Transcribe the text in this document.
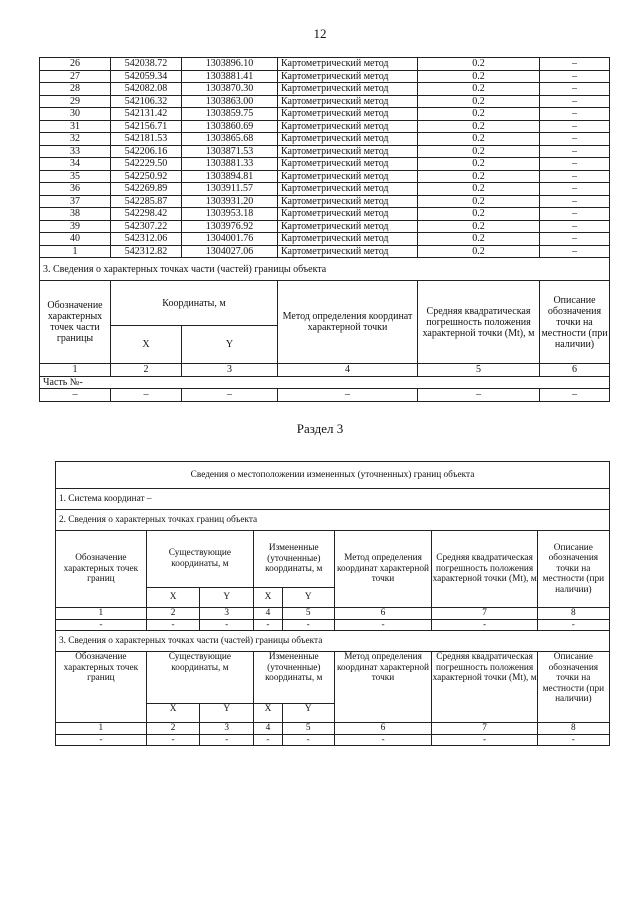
12
26	542038.72	1303896.10	Картометрический метод	0.2	–
27	542059.34	1303881.41	Картометрический метод	0.2	–
28	542082.08	1303870.30	Картометрический метод	0.2	–
29	542106.32	1303863.00	Картометрический метод	0.2	–
30	542131.42	1303859.75	Картометрический метод	0.2	–
31	542156.71	1303860.69	Картометрический метод	0.2	–
32	542181.53	1303865.68	Картометрический метод	0.2	–
33	542206.16	1303871.53	Картометрический метод	0.2	–
34	542229.50	1303881.33	Картометрический метод	0.2	–
35	542250.92	1303894.81	Картометрический метод	0.2	–
36	542269.89	1303911.57	Картометрический метод	0.2	–
37	542285.87	1303931.20	Картометрический метод	0.2	–
38	542298.42	1303953.18	Картометрический метод	0.2	–
39	542307.22	1303976.92	Картометрический метод	0.2	–
40	542312.06	1304001.76	Картометрический метод	0.2	–
1	542312.82	1304027.06	Картометрический метод	0.2	–
3. Сведения о характерных точках части (частей) границы объекта					
Обозначение характерных точек части границы	Координаты, м		Метод определения координат характерной точки	Средняя квадратическая погрешность положения характерной точки (Mt), м	Описание обозначения точки на местности (при наличии)
	X	Y			
1	2	3	4	5	6
Часть №-					
–	–	–	–	–	–
Раздел 3
Сведения о местоположении измененных (уточненных) границ объекта							
1. Система координат –							
2. Сведения о характерных точках границ объекта							
Обозначение характерных точек границ	Существующие координаты, м		Измененные (уточненные) координаты, м		Метод определения координат характерной точки	Средняя квадратическая погрешность положения характерной точки (Mt), м	Описание обозначения точки на местности (при наличии)
	X	Y	X	Y			
1	2	3	4	5	6	7	8
-	-	-	-	-	-	-	-
3. Сведения о характерных точках части (частей) границы объекта							
Обозначение характерных точек границ	Существующие координаты, м		Измененные (уточненные) координаты, м		Метод определения координат характерной точки	Средняя квадратическая погрешность положения характерной точки (Mt), м	Описание обозначения точки на местности (при наличии)
	X	Y	X	Y			
1	2	3	4	5	6	7	8
-	-	-	-	-	-	-	-
